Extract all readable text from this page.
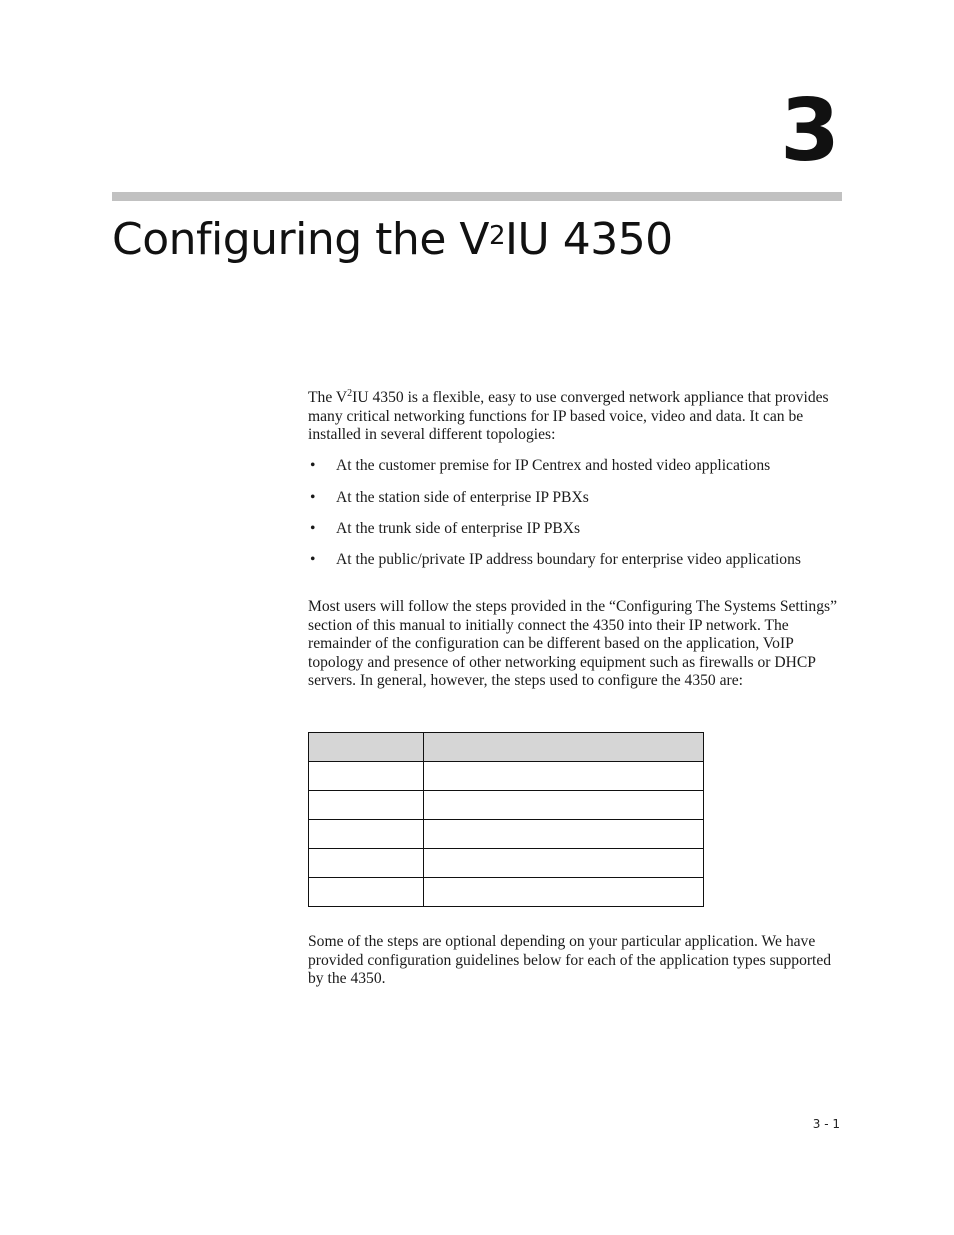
3
Configuring the $V^2IU$ 4350

The $V^2IU$ 4350 is a flexible, easy to use converged network appliance that provides many critical networking functions for IP based voice, video and data. It can be installed in several different topologies:

• At the customer premise for IP Centrex and hosted video applications
• At the station side of enterprise IP PBXs
• At the trunk side of enterprise IP PBXs
• At the public/private IP address boundary for enterprise video applications

Most users will follow the steps provided in the “Configuring The Systems Settings” section of this manual to initially connect the 4350 into their IP network. The remainder of the configuration can be different based on the application, VoIP topology and presence of other networking equipment such as firewalls or DHCP servers. In general, however, the steps used to configure the 4350 are:

Some of the steps are optional depending on your particular application. We have provided configuration guidelines below for each of the application types supported by the 4350.

3 - 1
